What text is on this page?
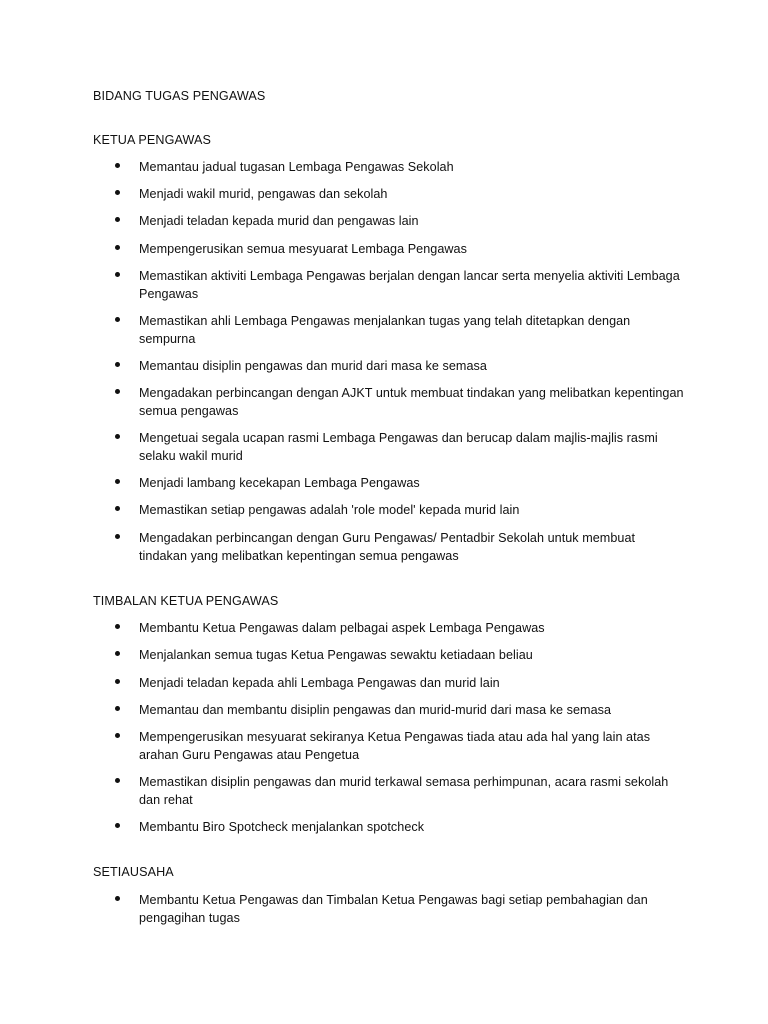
BIDANG TUGAS PENGAWAS
KETUA PENGAWAS
Memantau jadual tugasan Lembaga Pengawas Sekolah
Menjadi wakil murid, pengawas dan sekolah
Menjadi teladan kepada murid dan pengawas lain
Mempengerusikan semua mesyuarat Lembaga Pengawas
Memastikan aktiviti Lembaga Pengawas berjalan dengan lancar serta menyelia aktiviti Lembaga Pengawas
Memastikan ahli Lembaga Pengawas menjalankan tugas yang telah ditetapkan dengan sempurna
Memantau disiplin pengawas dan murid dari masa ke semasa
Mengadakan perbincangan dengan AJKT untuk membuat tindakan yang melibatkan kepentingan semua pengawas
Mengetuai segala ucapan rasmi Lembaga Pengawas dan berucap dalam majlis-majlis rasmi selaku wakil murid
Menjadi lambang kecekapan Lembaga Pengawas
Memastikan setiap pengawas adalah 'role model' kepada murid lain
Mengadakan perbincangan dengan Guru Pengawas/ Pentadbir Sekolah untuk membuat tindakan yang melibatkan kepentingan semua pengawas
TIMBALAN KETUA PENGAWAS
Membantu Ketua Pengawas dalam pelbagai aspek Lembaga Pengawas
Menjalankan semua tugas Ketua Pengawas sewaktu ketiadaan beliau
Menjadi teladan kepada ahli Lembaga Pengawas dan murid lain
Memantau dan membantu disiplin pengawas dan murid-murid dari masa ke semasa
Mempengerusikan mesyuarat sekiranya Ketua Pengawas tiada atau ada hal yang lain atas arahan Guru Pengawas atau Pengetua
Memastikan disiplin pengawas dan murid terkawal semasa perhimpunan, acara rasmi sekolah dan rehat
Membantu Biro Spotcheck menjalankan spotcheck
SETIAUSAHA
Membantu Ketua Pengawas dan Timbalan Ketua Pengawas bagi setiap pembahagian dan pengagihan tugas
